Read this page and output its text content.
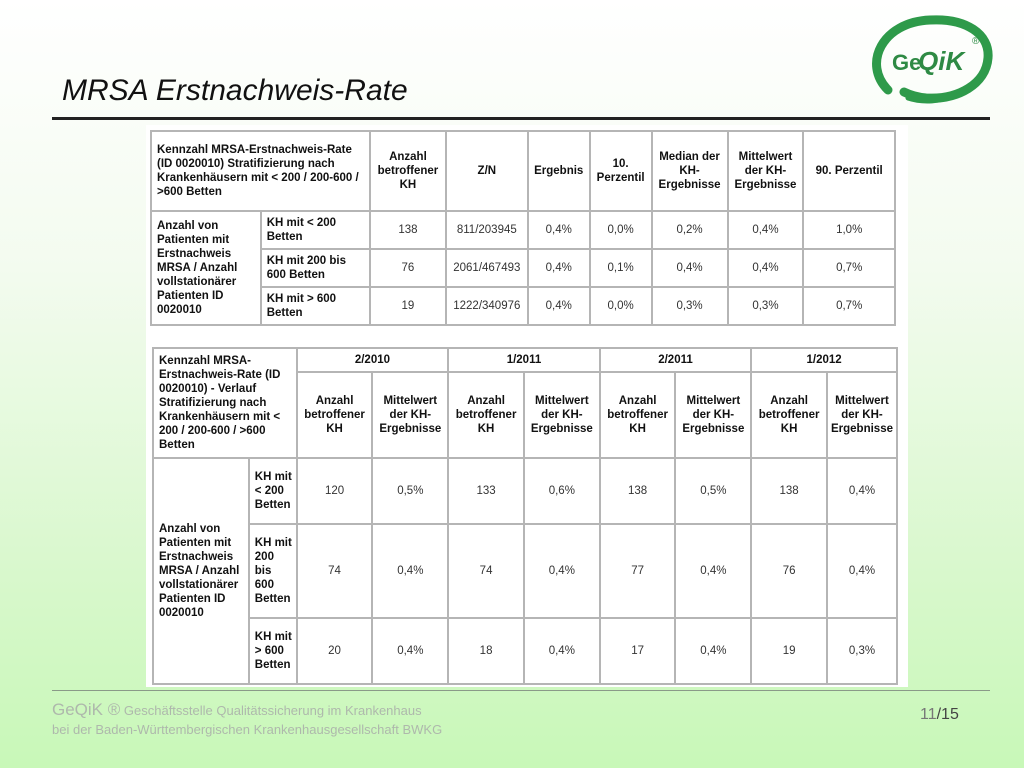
MRSA Erstnachweis-Rate
Ge
QiK
®
Kennzahl MRSA-Erstnachweis-Rate (ID 0020010) Stratifizierung nach Krankenhäusern mit < 200 / 200-600 / >600 Betten		Anzahl betroffener KH	Z/N	Ergebnis	10. Perzentil	Median der KH-Ergebnisse	Mittelwert der KH-Ergebnisse	90. Perzentil
Anzahl von Patienten mit Erstnachweis MRSA / Anzahl vollstationärer Patienten ID 0020010	KH mit < 200 Betten	138	811/203945	0,4%	0,0%	0,2%	0,4%	1,0%
	KH mit 200 bis 600 Betten	76	2061/467493	0,4%	0,1%	0,4%	0,4%	0,7%
	KH mit > 600 Betten	19	1222/340976	0,4%	0,0%	0,3%	0,3%	0,7%
Kennzahl MRSA-Erstnachweis-Rate (ID 0020010) - Verlauf Stratifizierung nach Krankenhäusern mit < 200 / 200-600 / >600 Betten		2/2010		1/2011		2/2011		1/2012	
		Anzahl betroffener KH	Mittelwert der KH-Ergebnisse	Anzahl betroffener KH	Mittelwert der KH-Ergebnisse	Anzahl betroffener KH	Mittelwert der KH-Ergebnisse	Anzahl betroffener KH	Mittelwert der KH-Ergebnisse
Anzahl von Patienten mit Erstnachweis MRSA / Anzahl vollstationärer Patienten ID 0020010	KH mit < 200 Betten	120	0,5%	133	0,6%	138	0,5%	138	0,4%
	KH mit 200 bis 600 Betten	74	0,4%	74	0,4%	77	0,4%	76	0,4%
	KH mit > 600 Betten	20	0,4%	18	0,4%	17	0,4%	19	0,3%
GeQiK ® Geschäftsstelle Qualitätssicherung im Krankenhaus
bei der Baden-Württembergischen Krankenhausgesellschaft BWKG
11/15
